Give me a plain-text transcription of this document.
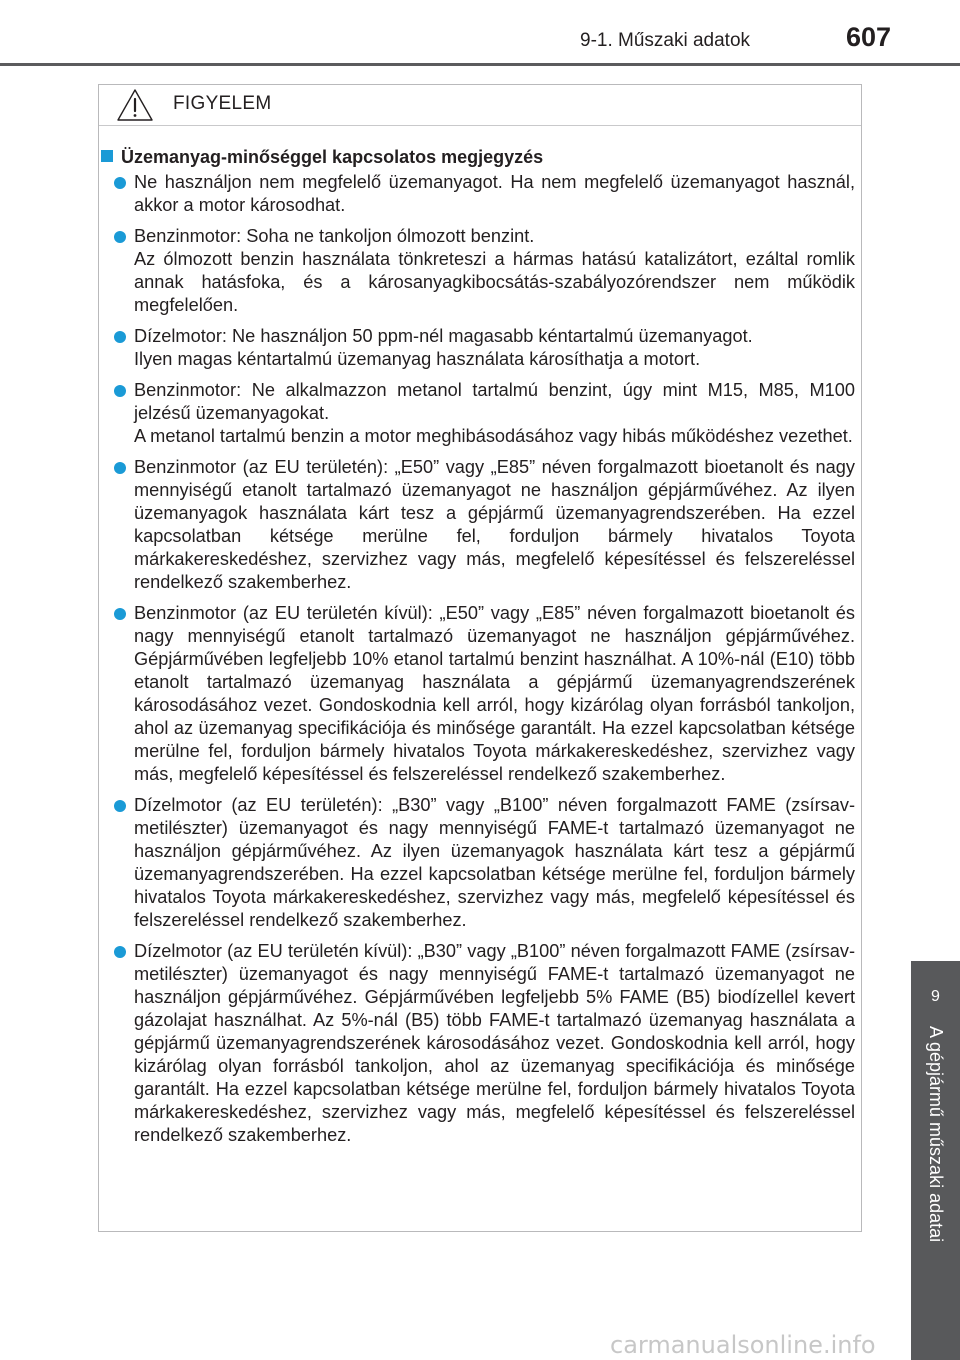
9-1. Műszaki adatok	607
9
A gépjármű műszaki adatai
FIGYELEM
Üzemanyag-minőséggel kapcsolatos megjegyzés
Ne használjon nem megfelelő üzemanyagot. Ha nem megfelelő üzemanyagot használ, akkor a motor károsodhat.
Benzinmotor: Soha ne tankoljon ólmozott benzint.
Az ólmozott benzin használata tönkreteszi a hármas hatású katalizátort, ezáltal romlik annak hatásfoka, és a károsanyagkibocsátás-szabályozórendszer nem működik megfelelően.
Dízelmotor: Ne használjon 50 ppm-nél magasabb kéntartalmú üzemanyagot.
Ilyen magas kéntartalmú üzemanyag használata károsíthatja a motort.
Benzinmotor: Ne alkalmazzon metanol tartalmú benzint, úgy mint M15, M85, M100 jelzésű üzemanyagokat.
A metanol tartalmú benzin a motor meghibásodásához vagy hibás működéshez vezethet.
Benzinmotor (az EU területén): „E50” vagy „E85” néven forgalmazott bioetanolt és nagy mennyiségű etanolt tartalmazó üzemanyagot ne használjon gépjárművéhez. Az ilyen üzemanyagok használata kárt tesz a gépjármű üzemanyagrendszerében. Ha ezzel kapcsolatban kétsége merülne fel, forduljon bármely hivatalos Toyota márkakereskedéshez, szervizhez vagy más, megfelelő képesítéssel és felszereléssel rendelkező szakemberhez.
Benzinmotor (az EU területén kívül): „E50” vagy „E85” néven forgalmazott bioetanolt és nagy mennyiségű etanolt tartalmazó üzemanyagot ne használjon gépjárművéhez. Gépjárművében legfeljebb 10% etanol tartalmú benzint használhat. A 10%-nál (E10) több etanolt tartalmazó üzemanyag használata a gépjármű üzemanyagrendszerének károsodásához vezet. Gondoskodnia kell arról, hogy kizárólag olyan forrásból tankoljon, ahol az üzemanyag specifikációja és minősége garantált. Ha ezzel kapcsolatban kétsége merülne fel, forduljon bármely hivatalos Toyota márkakereskedéshez, szervizhez vagy más, megfelelő képesítéssel és felszereléssel rendelkező szakemberhez.
Dízelmotor (az EU területén): „B30” vagy „B100” néven forgalmazott FAME (zsírsav-metilészter) üzemanyagot és nagy mennyiségű FAME-t tartalmazó üzemanyagot ne használjon gépjárművéhez. Az ilyen üzemanyagok használata kárt tesz a gépjármű üzemanyagrendszerében. Ha ezzel kapcsolatban kétsége merülne fel, forduljon bármely hivatalos Toyota márkakereskedéshez, szervizhez vagy más, megfelelő képesítéssel és felszereléssel rendelkező szakemberhez.
Dízelmotor (az EU területén kívül): „B30” vagy „B100” néven forgalmazott FAME (zsírsav-metilészter) üzemanyagot és nagy mennyiségű FAME-t tartalmazó üzemanyagot ne használjon gépjárművéhez. Gépjárművében legfeljebb 5% FAME (B5) biodízellel kevert gázolajat használhat. Az 5%-nál (B5) több FAME-t tartalmazó üzemanyag használata a gépjármű üzemanyagrendszerének károsodásához vezet. Gondoskodnia kell arról, hogy kizárólag olyan forrásból tankoljon, ahol az üzemanyag specifikációja és minősége garantált. Ha ezzel kapcsolatban kétsége merülne fel, forduljon bármely hivatalos Toyota márkakereskedéshez, szervizhez vagy más, megfelelő képesítéssel és felszereléssel rendelkező szakemberhez.
carmanualsonline.info
